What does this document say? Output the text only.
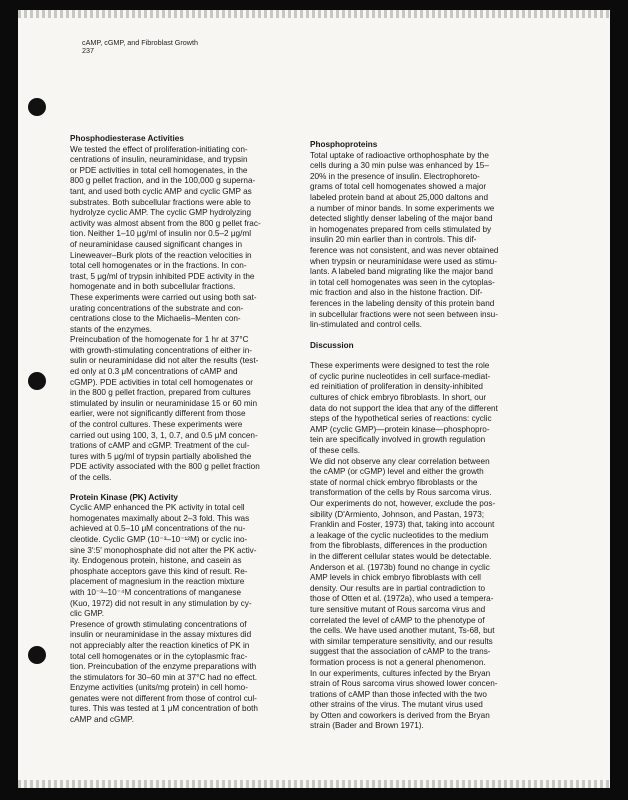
cAMP, cGMP, and Fibroblast Growth
237
Phosphodiesterase Activities
We tested the effect of proliferation-initiating con-
centrations of insulin, neuraminidase, and trypsin
or PDE activities in total cell homogenates, in the
800 g pellet fraction, and in the 100,000 g superna-
tant, and used both cyclic AMP and cyclic GMP as
substrates. Both subcellular fractions were able to
hydrolyze cyclic AMP. The cyclic GMP hydrolyzing
activity was almost absent from the 800 g pellet frac-
tion. Neither 1–10 μg/ml of insulin nor 0.5–2 μg/ml
of neuraminidase caused significant changes in
Lineweaver–Burk plots of the reaction velocities in
total cell homogenates or in the fractions. In con-
trast, 5 μg/ml of trypsin inhibited PDE activity in the
homogenate and in both subcellular fractions.
These experiments were carried out using both sat-
urating concentrations of the substrate and con-
centrations close to the Michaelis–Menten con-
stants of the enzymes.
Preincubation of the homogenate for 1 hr at 37°C
with growth-stimulating concentrations of either in-
sulin or neuraminidase did not alter the results (test-
ed only at 0.3 μM concentrations of cAMP and
cGMP). PDE activities in total cell homogenates or
in the 800 g pellet fraction, prepared from cultures
stimulated by insulin or neuraminidase 15 or 60 min
earlier, were not significantly different from those
of the control cultures. These experiments were
carried out using 100, 3, 1, 0.7, and 0.5 μM concen-
trations of cAMP and cGMP. Treatment of the cul-
tures with 5 μg/ml of trypsin partially abolished the
PDE activity associated with the 800 g pellet fraction
of the cells.
Protein Kinase (PK) Activity
Cyclic AMP enhanced the PK activity in total cell
homogenates maximally about 2–3 fold. This was
achieved at 0.5–10 μM concentrations of the nu-
cleotide. Cyclic GMP (10⁻³–10⁻¹²M) or cyclic ino-
sine 3′:5′ monophosphate did not alter the PK activ-
ity. Endogenous protein, histone, and casein as
phosphate acceptors gave this kind of result. Re-
placement of magnesium in the reaction mixture
with 10⁻³–10⁻⁴M concentrations of manganese
(Kuo, 1972) did not result in any stimulation by cy-
clic GMP.
Presence of growth stimulating concentrations of
insulin or neuraminidase in the assay mixtures did
not appreciably alter the reaction kinetics of PK in
total cell homogenates or in the cytoplasmic frac-
tion. Preincubation of the enzyme preparations with
the stimulators for 30–60 min at 37°C had no effect.
Enzyme activities (units/mg protein) in cell homo-
genates were not different from those of control cul-
tures. This was tested at 1 μM concentration of both
cAMP and cGMP.
Phosphoproteins
Total uptake of radioactive orthophosphate by the
cells during a 30 min pulse was enhanced by 15–
20% in the presence of insulin. Electrophoreto-
grams of total cell homogenates showed a major
labeled protein band at about 25,000 daltons and
a number of minor bands. In some experiments we
detected slightly denser labeling of the major band
in homogenates prepared from cells stimulated by
insulin 20 min earlier than in controls. This dif-
ference was not consistent, and was never obtained
when trypsin or neuraminidase were used as stimu-
lants. A labeled band migrating like the major band
in total cell homogenates was seen in the cytoplas-
mic fraction and also in the histone fraction. Dif-
ferences in the labeling density of this protein band
in subcellular fractions were not seen between insu-
lin-stimulated and control cells.
Discussion
These experiments were designed to test the role
of cyclic purine nucleotides in cell surface-mediat-
ed reinitiation of proliferation in density-inhibited
cultures of chick embryo fibroblasts. In short, our
data do not support the idea that any of the different
steps of the hypothetical series of reactions: cyclic
AMP (cyclic GMP)—protein kinase—phosphopro-
tein are specifically involved in growth regulation
of these cells.
We did not observe any clear correlation between
the cAMP (or cGMP) level and either the growth
state of normal chick embryo fibroblasts or the
transformation of the cells by Rous sarcoma virus.
Our experiments do not, however, exclude the pos-
sibility (D'Armiento, Johnson, and Pastan, 1973;
Franklin and Foster, 1973) that, taking into account
a leakage of the cyclic nucleotides to the medium
from the fibroblasts, differences in the production
in the different cellular states would be detectable.
Anderson et al. (1973b) found no change in cyclic
AMP levels in chick embryo fibroblasts with cell
density. Our results are in partial contradiction to
those of Otten et al. (1972a), who used a tempera-
ture sensitive mutant of Rous sarcoma virus and
correlated the level of cAMP to the phenotype of
the cells. We have used another mutant, Ts-68, but
with similar temperature sensitivity, and our results
suggest that the association of cAMP to the trans-
formation process is not a general phenomenon.
In our experiments, cultures infected by the Bryan
strain of Rous sarcoma virus showed lower concen-
trations of cAMP than those infected with the two
other strains of the virus. The mutant virus used
by Otten and coworkers is derived from the Bryan
strain (Bader and Brown 1971).
